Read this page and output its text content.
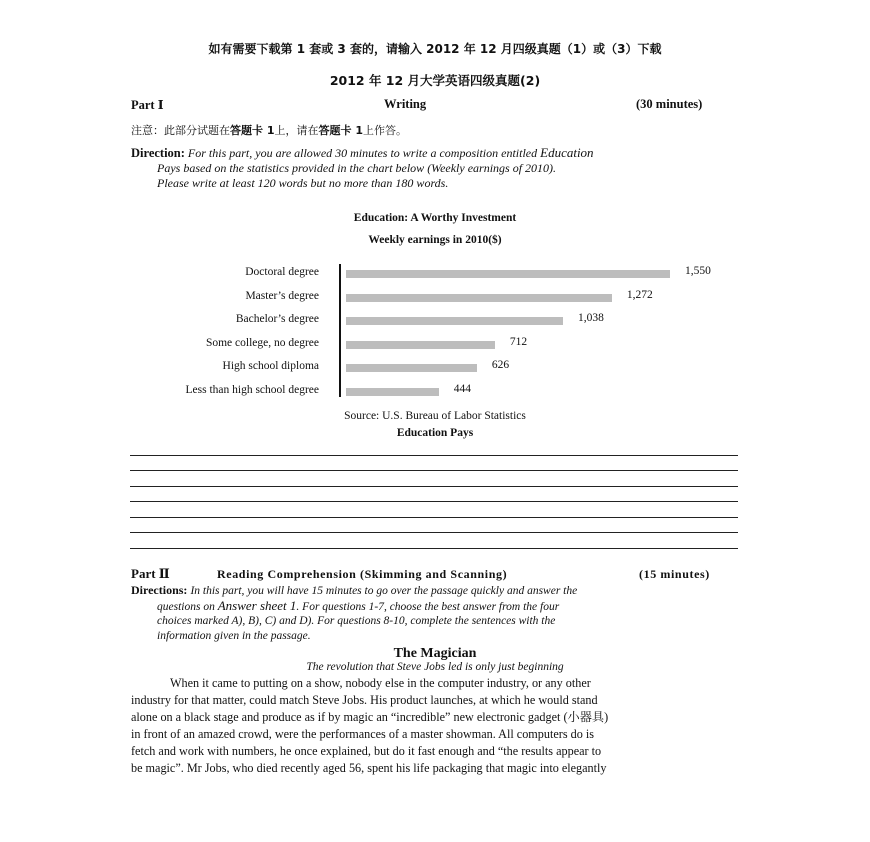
如有需要下载第 1 套或 3 套的，请输入 2012 年 12 月四级真题（1）或（3）下载
2012 年 12 月大学英语四级真题(2)
Part Ⅰ	Writing	(30 minutes)
注意：此部分试题在答题卡 1上，请在答题卡 1上作答。
Direction: For this part, you are allowed 30 minutes to write a composition entitled Education
Pays based on the statistics provided in the chart below (Weekly earnings of 2010).
Please write at least 120 words but no more than 180 words.
Education: A Worthy Investment
Weekly earnings in 2010($)
Doctoral degree	1,550
Master’s degree	1,272
Bachelor’s degree	1,038
Some college, no degree	712
High school diploma	626
Less than high school degree	444
Source: U.S. Bureau of Labor Statistics
Education Pays
Part Ⅱ	Reading Comprehension (Skimming and Scanning)	(15 minutes)
Directions: In this part, you will have 15 minutes to go over the passage quickly and answer the
questions on Answer sheet 1. For questions 1-7, choose the best answer from the four
choices marked A), B), C) and D). For questions 8-10, complete the sentences with the
information given in the passage.
The Magician
The revolution that Steve Jobs led is only just beginning
When it came to putting on a show, nobody else in the computer industry, or any other
industry for that matter, could match Steve Jobs. His product launches, at which he would stand
alone on a black stage and produce as if by magic an “incredible” new electronic gadget (小器具)
in front of an amazed crowd, were the performances of a master showman. All computers do is
fetch and work with numbers, he once explained, but do it fast enough and “the results appear to
be magic”. Mr Jobs, who died recently aged 56, spent his life packaging that magic into elegantly
